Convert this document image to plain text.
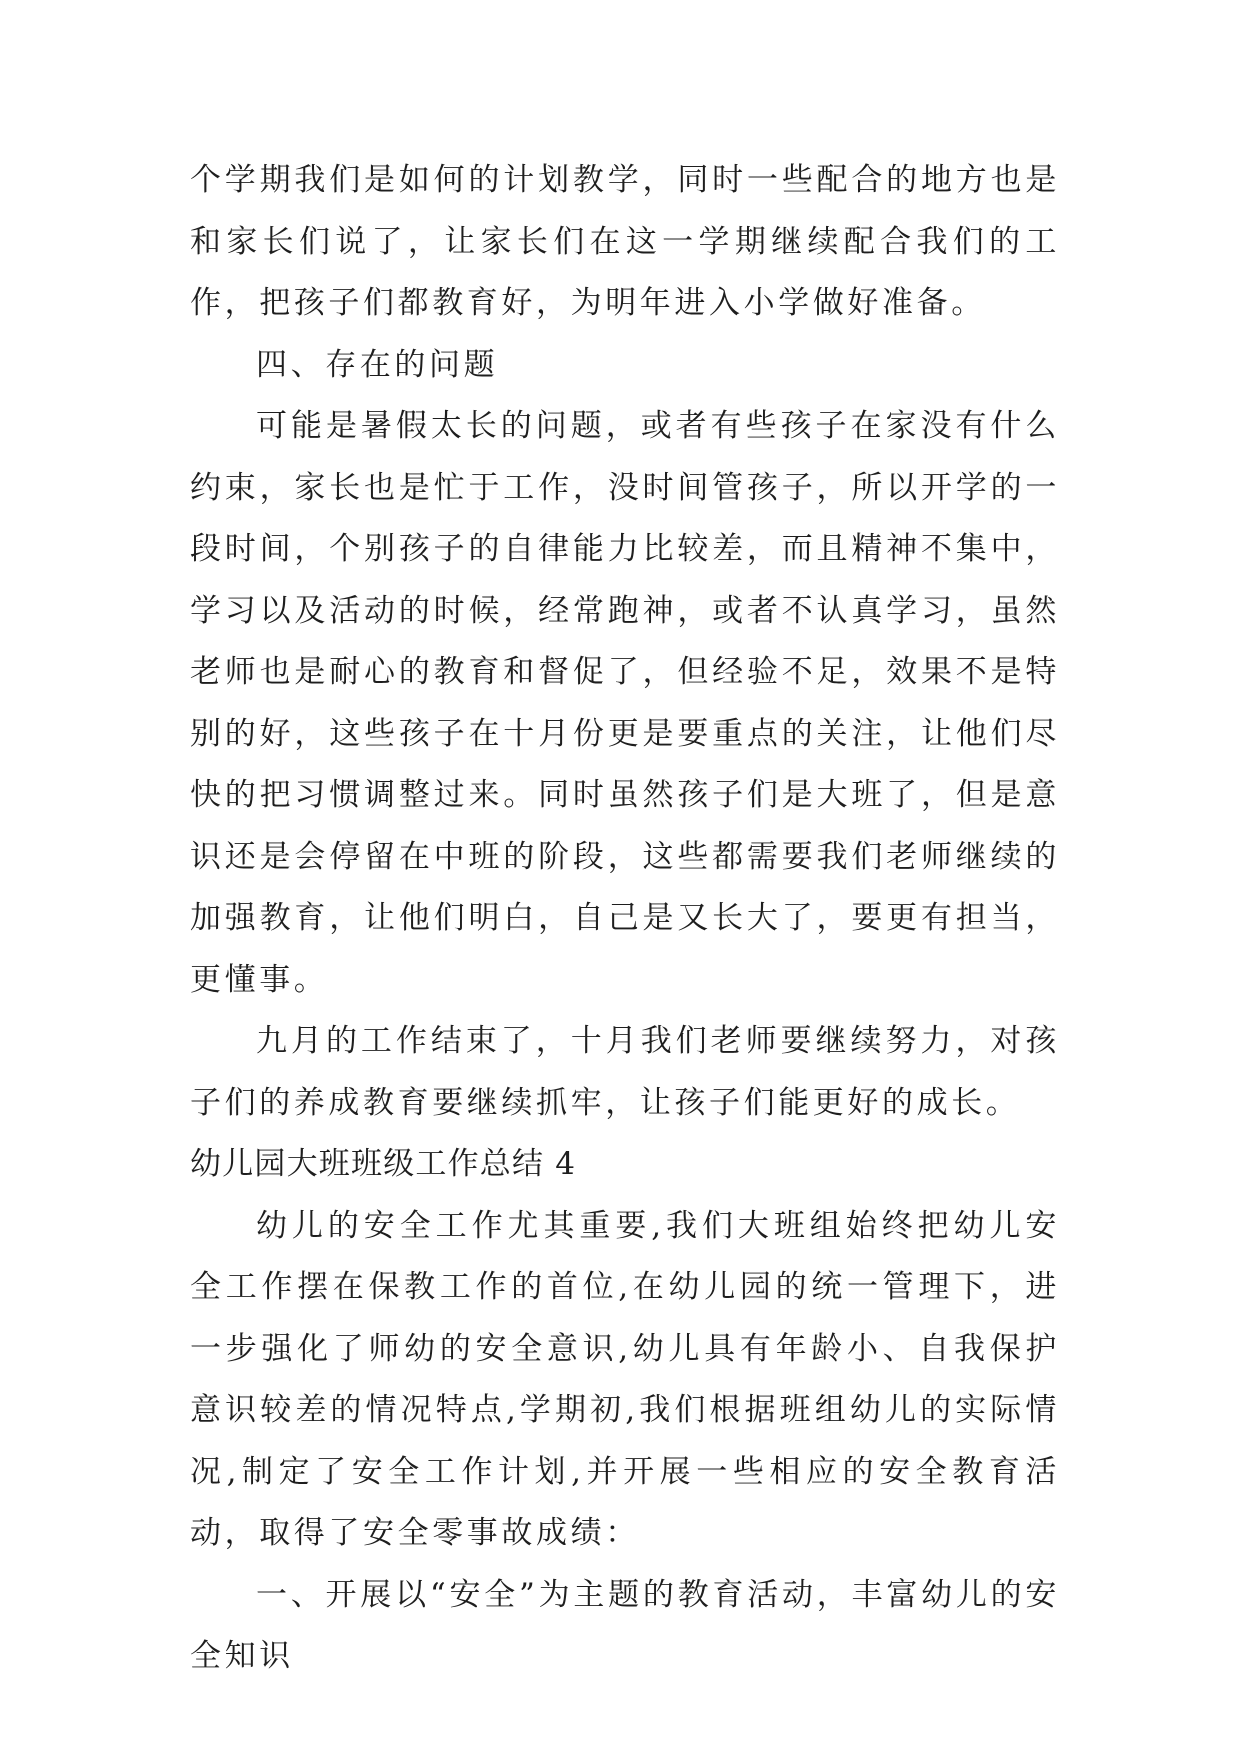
个学期我们是如何的计划教学，同时一些配合的地方也是和家长们说了，让家长们在这一学期继续配合我们的工作，把孩子们都教育好，为明年进入小学做好准备。

四、存在的问题

可能是暑假太长的问题，或者有些孩子在家没有什么约束，家长也是忙于工作，没时间管孩子，所以开学的一段时间，个别孩子的自律能力比较差，而且精神不集中，学习以及活动的时候，经常跑神，或者不认真学习，虽然老师也是耐心的教育和督促了，但经验不足，效果不是特别的好，这些孩子在十月份更是要重点的关注，让他们尽快的把习惯调整过来。同时虽然孩子们是大班了，但是意识还是会停留在中班的阶段，这些都需要我们老师继续的加强教育，让他们明白，自己是又长大了，要更有担当，更懂事。

九月的工作结束了，十月我们老师要继续努力，对孩子们的养成教育要继续抓牢，让孩子们能更好的成长。

幼儿园大班班级工作总结 4

幼儿的安全工作尤其重要,我们大班组始终把幼儿安全工作摆在保教工作的首位,在幼儿园的统一管理下，进一步强化了师幼的安全意识,幼儿具有年龄小、自我保护意识较差的情况特点,学期初,我们根据班组幼儿的实际情况,制定了安全工作计划,并开展一些相应的安全教育活动，取得了安全零事故成绩：

一、开展以“安全”为主题的教育活动，丰富幼儿的安全知识
